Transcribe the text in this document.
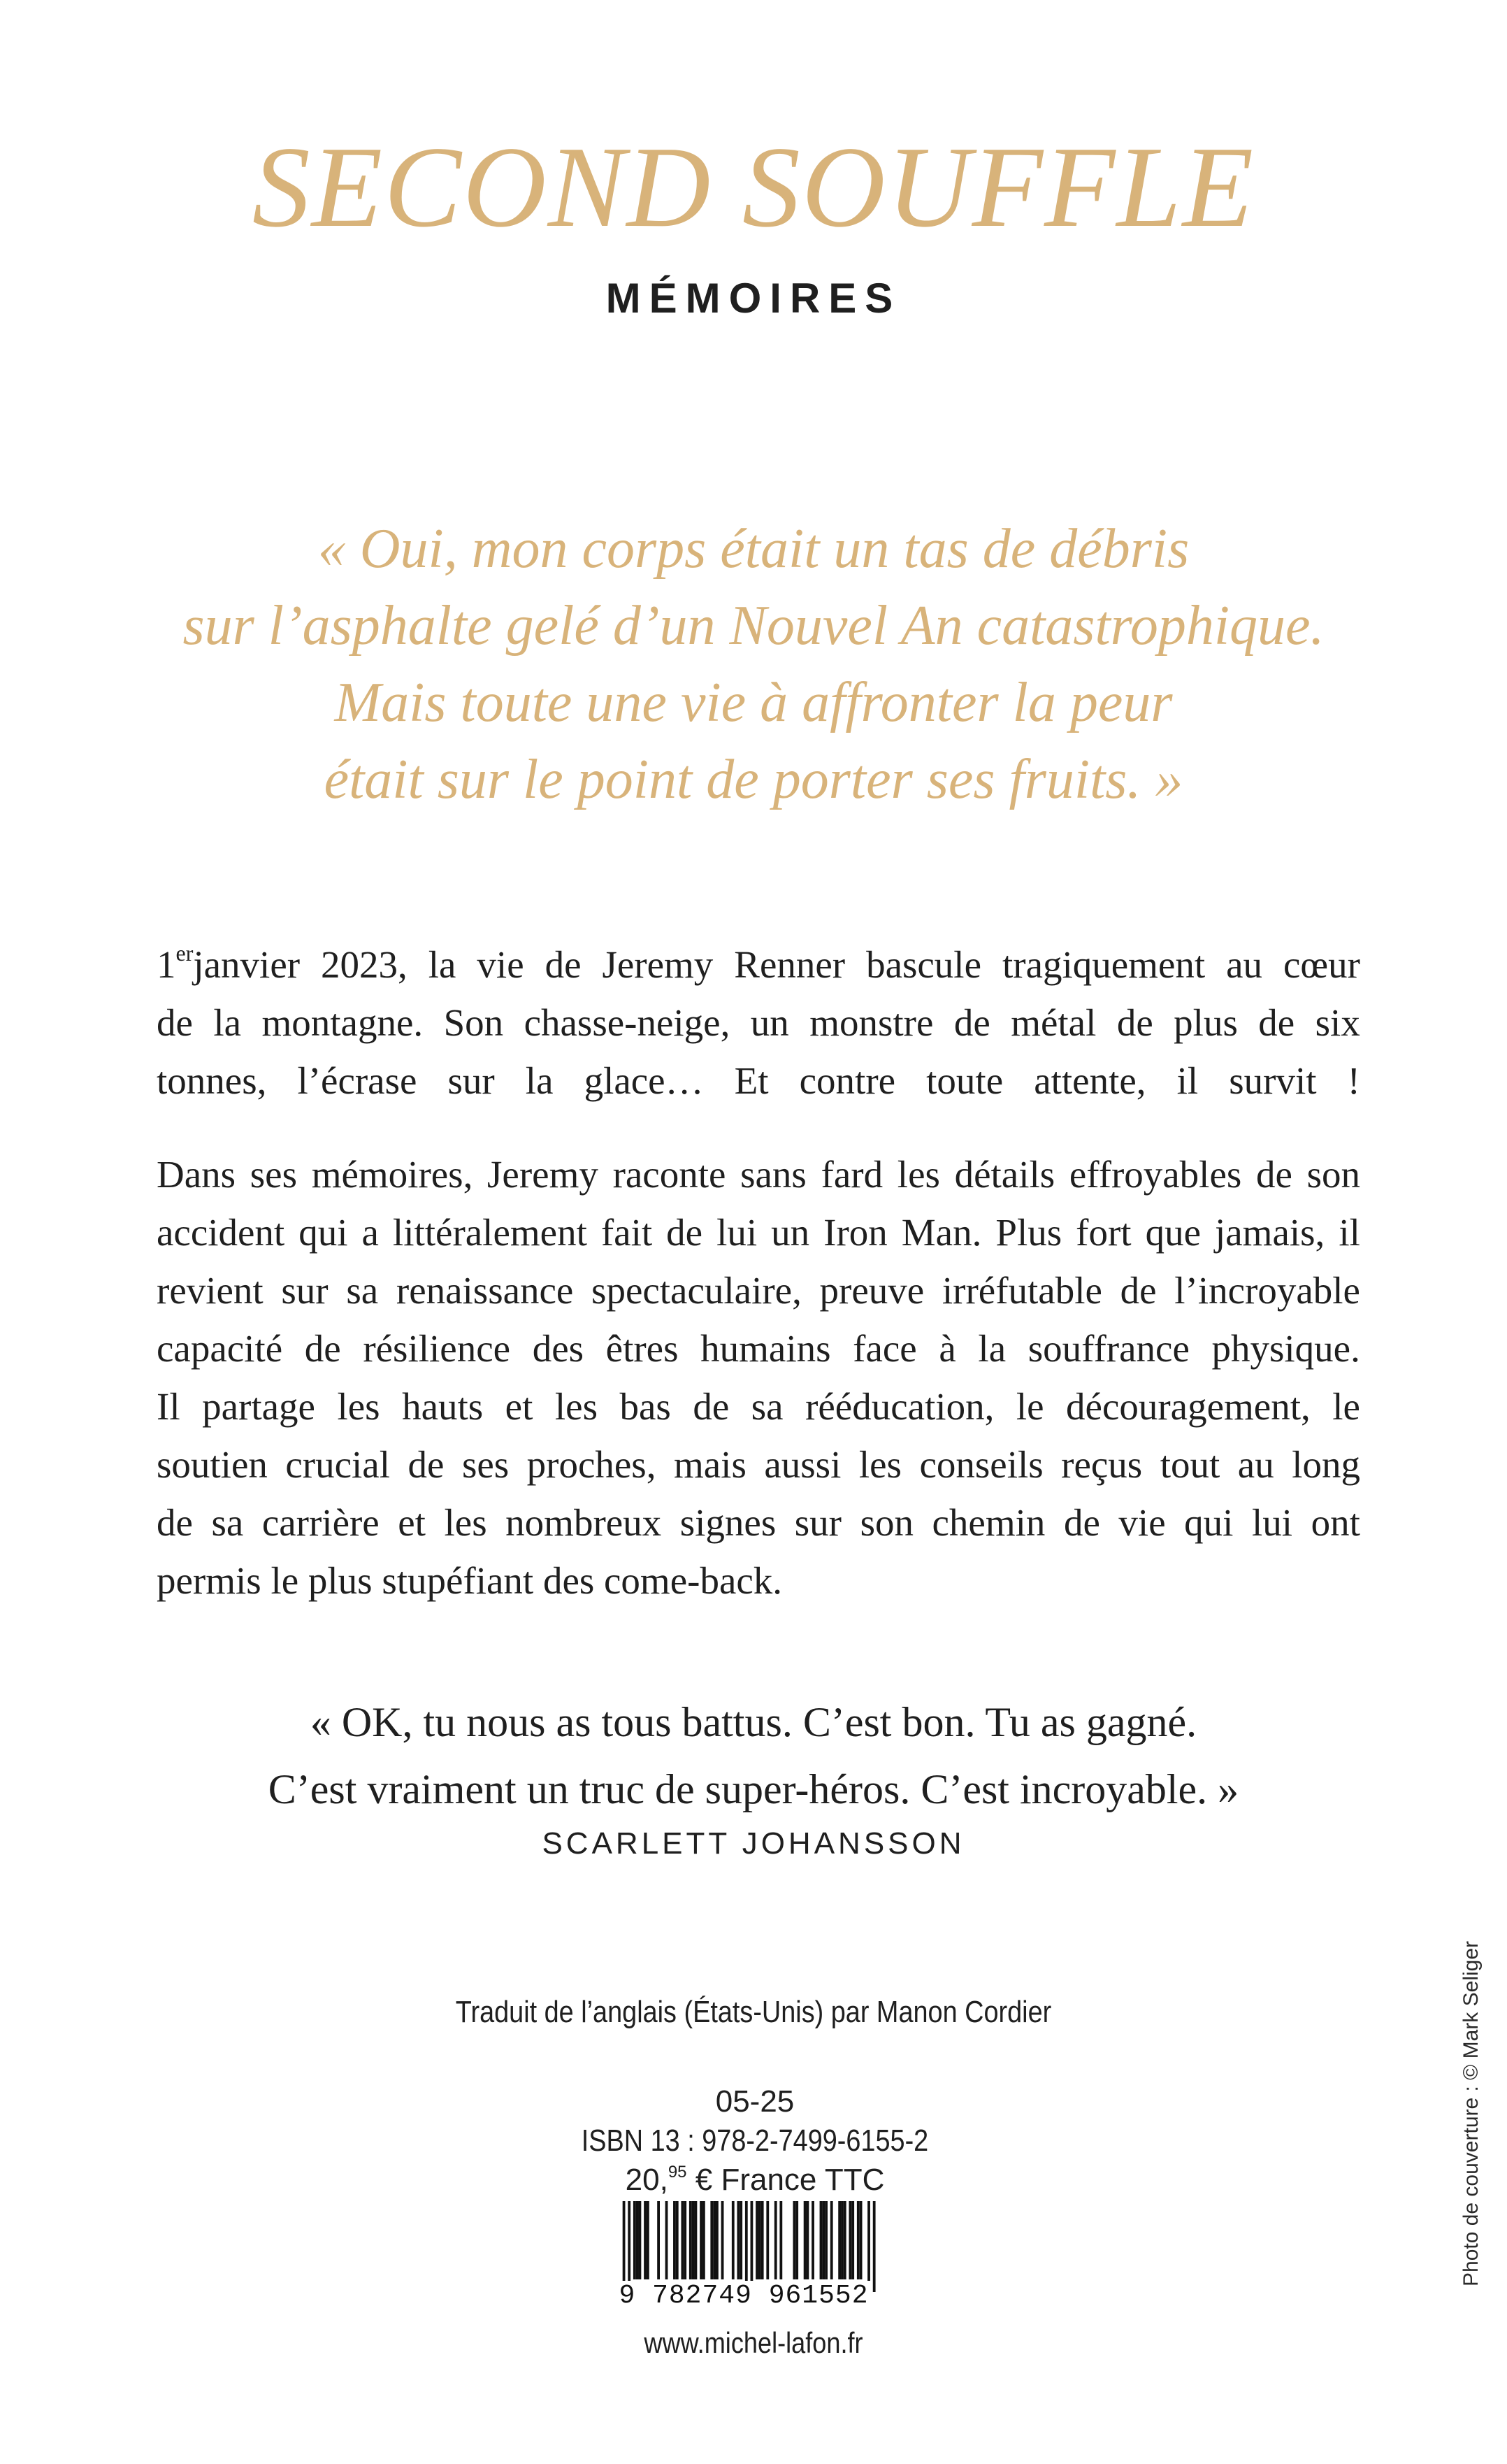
SECOND SOUFFLE
MÉMOIRES
« Oui, mon corps était un tas de débris
sur l’asphalte gelé d’un Nouvel An catastrophique.
Mais toute une vie à affronter la peur
était sur le point de porter ses fruits. »
1erjanvier 2023, la vie de Jeremy Renner bascule tragiquement au cœur
de la montagne. Son chasse-neige, un monstre de métal de plus de six
tonnes, l’écrase sur la glace… Et contre toute attente, il survit !
Dans ses mémoires, Jeremy raconte sans fard les détails effroyables de son
accident qui a littéralement fait de lui un Iron Man. Plus fort que jamais, il
revient sur sa renaissance spectaculaire, preuve irréfutable de l’incroyable
capacité de résilience des êtres humains face à la souffrance physique.
Il partage les hauts et les bas de sa rééducation, le découragement, le
soutien crucial de ses proches, mais aussi les conseils reçus tout au long
de sa carrière et les nombreux signes sur son chemin de vie qui lui ont
permis le plus stupéfiant des come-back.
« OK, tu nous as tous battus. C’est bon. Tu as gagné.
C’est vraiment un truc de super-héros. C’est incroyable. »
SCARLETT JOHANSSON
Traduit de l’anglais (États-Unis) par Manon Cordier
05-25
ISBN 13 : 978-2-7499-6155-2
20,95 € France TTC
9 782749 961552
www.michel-lafon.fr
Photo de couverture : © Mark Seliger
